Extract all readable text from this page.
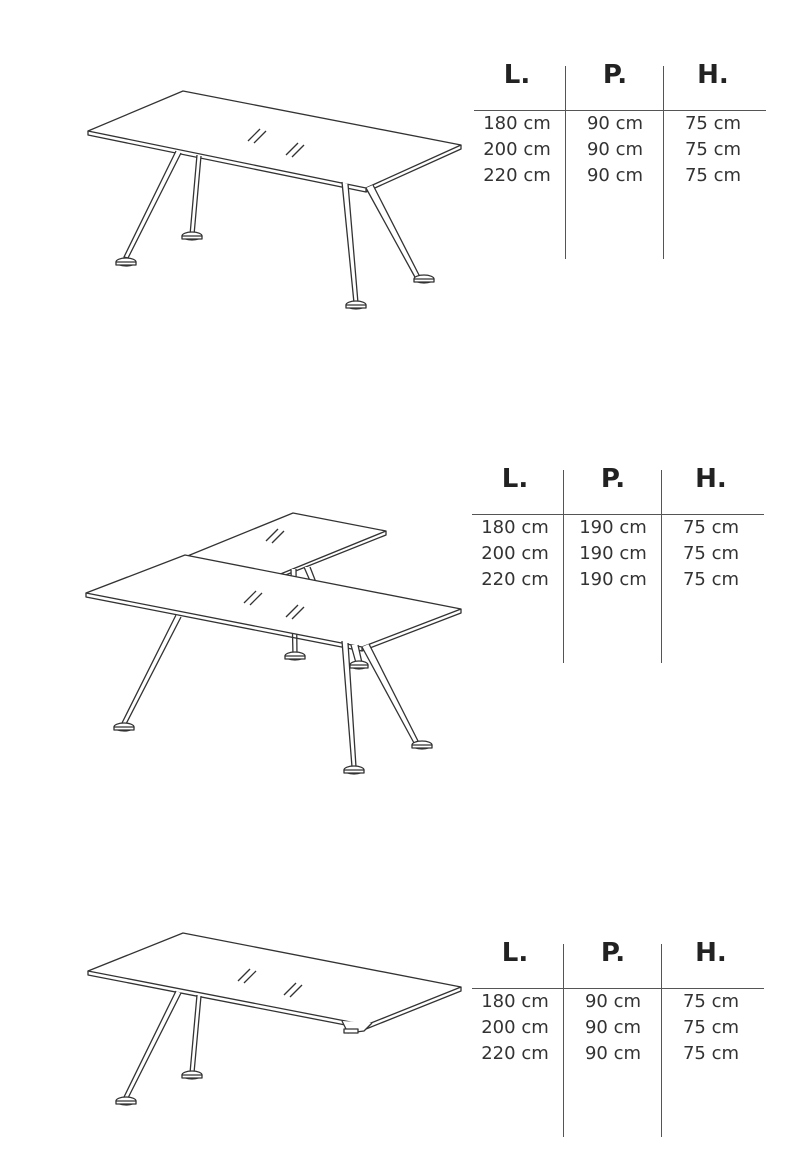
L.	P.	H.
180 cm	90 cm	75 cm
200 cm	90 cm	75 cm
220 cm	90 cm	75 cm
L.	P.	H.
180 cm	190 cm	75 cm
200 cm	190 cm	75 cm
220 cm	190 cm	75 cm
L.	P.	H.
180 cm	90 cm	75 cm
200 cm	90 cm	75 cm
220 cm	90 cm	75 cm
